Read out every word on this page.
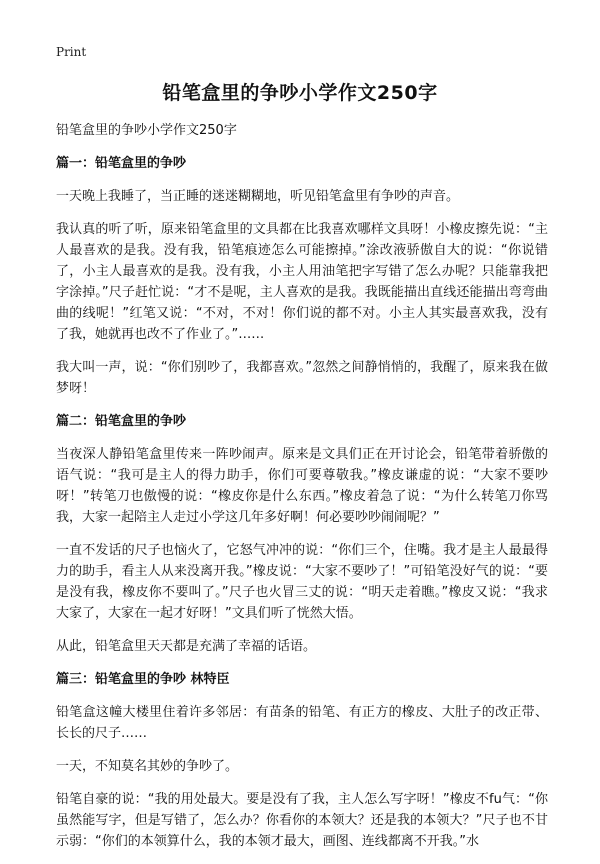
Print
铅笔盒里的争吵小学作文250字

铅笔盒里的争吵小学作文250字

篇一：铅笔盒里的争吵

一天晚上我睡了，当正睡的迷迷糊糊地，听见铅笔盒里有争吵的声音。

我认真的听了听，原来铅笔盒里的文具都在比我喜欢哪样文具呀！小橡皮擦先说：“主人最喜欢的是我。没有我，铅笔痕迹怎么可能擦掉。”涂改液骄傲自大的说：“你说错了，小主人最喜欢的是我。没有我，小主人用油笔把字写错了怎么办呢？只能靠我把字涂掉。”尺子赶忙说：“才不是呢，主人喜欢的是我。我既能描出直线还能描出弯弯曲曲的线呢！”红笔又说：“不对，不对！你们说的都不对。小主人其实最喜欢我，没有了我，她就再也改不了作业了。”……

我大叫一声，说：“你们别吵了，我都喜欢。”忽然之间静悄悄的，我醒了，原来我在做梦呀！

篇二：铅笔盒里的争吵

当夜深人静铅笔盒里传来一阵吵闹声。原来是文具们正在开讨论会，铅笔带着骄傲的语气说：“我可是主人的得力助手，你们可要尊敬我。”橡皮谦虚的说：“大家不要吵呀！”转笔刀也傲慢的说：“橡皮你是什么东西。”橡皮着急了说：“为什么转笔刀你骂我，大家一起陪主人走过小学这几年多好啊！何必要吵吵闹闹呢？”

一直不发话的尺子也恼火了，它怒气冲冲的说：“你们三个，住嘴。我才是主人最最得力的助手，看主人从来没离开我。”橡皮说：“大家不要吵了！”可铅笔没好气的说：“要是没有我，橡皮你不要叫了。”尺子也火冒三丈的说：“明天走着瞧。”橡皮又说：“我求大家了，大家在一起才好呀！”文具们听了恍然大悟。

从此，铅笔盒里天天都是充满了幸福的话语。

篇三：铅笔盒里的争吵 林特臣

铅笔盒这幢大楼里住着许多邻居：有苗条的铅笔、有正方的橡皮、大肚子的改正带、长长的尺子……

一天，不知莫名其妙的争吵了。

铅笔自豪的说：“我的用处最大。要是没有了我，主人怎么写字呀！”橡皮不fu气：“你虽然能写字，但是写错了，怎么办？你看你的本领大？还是我的本领大？”尺子也不甘示弱：“你们的本领算什么，我的本领才最大，画图、连线都离不开我。”水
